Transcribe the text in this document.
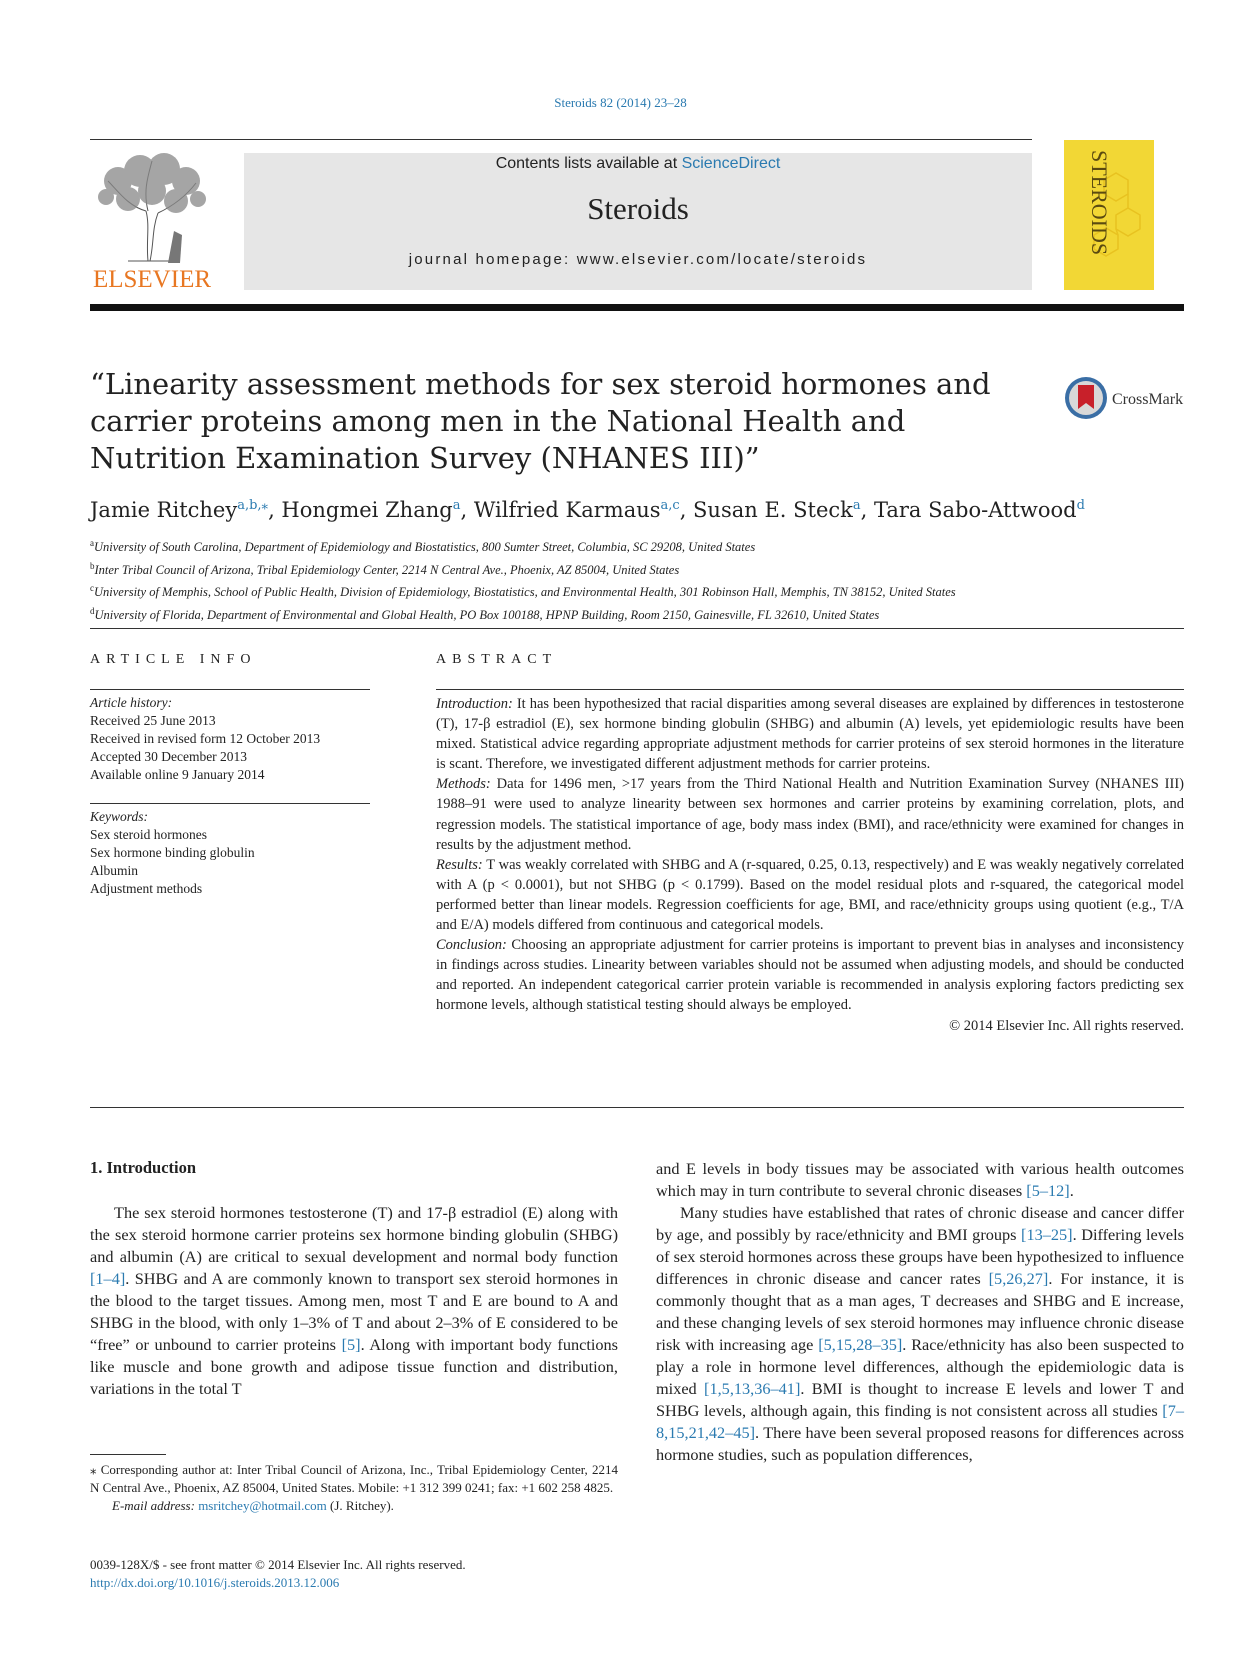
Steroids 82 (2014) 23–28
ELSEVIER
Contents lists available at ScienceDirect
Steroids
journal homepage: www.elsevier.com/locate/steroids
STEROIDS
“Linearity assessment methods for sex steroid hormones and carrier proteins among men in the National Health and Nutrition Examination Survey (NHANES III)”
CrossMark
Jamie Ritchey$^{a,b,⁎}$, Hongmei Zhang$^a$, Wilfried Karmaus$^{a,c}$, Susan E. Steck$^a$, Tara Sabo-Attwood$^d$
$^a$University of South Carolina, Department of Epidemiology and Biostatistics, 800 Sumter Street, Columbia, SC 29208, United States
$^b$Inter Tribal Council of Arizona, Tribal Epidemiology Center, 2214 N Central Ave., Phoenix, AZ 85004, United States
$^c$University of Memphis, School of Public Health, Division of Epidemiology, Biostatistics, and Environmental Health, 301 Robinson Hall, Memphis, TN 38152, United States
$^d$University of Florida, Department of Environmental and Global Health, PO Box 100188, HPNP Building, Room 2150, Gainesville, FL 32610, United States
ARTICLE INFO
Article history:
Received 25 June 2013
Received in revised form 12 October 2013
Accepted 30 December 2013
Available online 9 January 2014
Keywords:
Sex steroid hormones
Sex hormone binding globulin
Albumin
Adjustment methods
ABSTRACT

Introduction: It has been hypothesized that racial disparities among several diseases are explained by differences in testosterone (T), 17-β estradiol (E), sex hormone binding globulin (SHBG) and albumin (A) levels, yet epidemiologic results have been mixed. Statistical advice regarding appropriate adjustment methods for carrier proteins of sex steroid hormones in the literature is scant. Therefore, we investigated different adjustment methods for carrier proteins.

Methods: Data for 1496 men, >17 years from the Third National Health and Nutrition Examination Survey (NHANES III) 1988–91 were used to analyze linearity between sex hormones and carrier proteins by examining correlation, plots, and regression models. The statistical importance of age, body mass index (BMI), and race/ethnicity were examined for changes in results by the adjustment method.

Results: T was weakly correlated with SHBG and A (r-squared, 0.25, 0.13, respectively) and E was weakly negatively correlated with A (p < 0.0001), but not SHBG (p < 0.1799). Based on the model residual plots and r-squared, the categorical model performed better than linear models. Regression coefficients for age, BMI, and race/ethnicity groups using quotient (e.g., T/A and E/A) models differed from continuous and categorical models.

Conclusion: Choosing an appropriate adjustment for carrier proteins is important to prevent bias in analyses and inconsistency in findings across studies. Linearity between variables should not be assumed when adjusting models, and should be conducted and reported. An independent categorical carrier protein variable is recommended in analysis exploring factors predicting sex hormone levels, although statistical testing should always be employed.

© 2014 Elsevier Inc. All rights reserved.

1. Introduction

The sex steroid hormones testosterone (T) and 17-β estradiol (E) along with the sex steroid hormone carrier proteins sex hormone binding globulin (SHBG) and albumin (A) are critical to sexual development and normal body function [1–4]. SHBG and A are commonly known to transport sex steroid hormones in the blood to the target tissues. Among men, most T and E are bound to A and SHBG in the blood, with only 1–3% of T and about 2–3% of E considered to be “free” or unbound to carrier proteins [5]. Along with important body functions like muscle and bone growth and adipose tissue function and distribution, variations in the total T

and E levels in body tissues may be associated with various health outcomes which may in turn contribute to several chronic diseases [5–12].

Many studies have established that rates of chronic disease and cancer differ by age, and possibly by race/ethnicity and BMI groups [13–25]. Differing levels of sex steroid hormones across these groups have been hypothesized to influence differences in chronic disease and cancer rates [5,26,27]. For instance, it is commonly thought that as a man ages, T decreases and SHBG and E increase, and these changing levels of sex steroid hormones may influence chronic disease risk with increasing age [5,15,28–35]. Race/ethnicity has also been suspected to play a role in hormone level differences, although the epidemiologic data is mixed [1,5,13,36–41]. BMI is thought to increase E levels and lower T and SHBG levels, although again, this finding is not consistent across all studies [7–8,15,21,42–45]. There have been several proposed reasons for differences across hormone studies, such as population differences,

⁎ Corresponding author at: Inter Tribal Council of Arizona, Inc., Tribal Epidemiology Center, 2214 N Central Ave., Phoenix, AZ 85004, United States. Mobile: +1 312 399 0241; fax: +1 602 258 4825.
E-mail address: msritchey@hotmail.com (J. Ritchey).
0039-128X/$ - see front matter © 2014 Elsevier Inc. All rights reserved.
http://dx.doi.org/10.1016/j.steroids.2013.12.006
